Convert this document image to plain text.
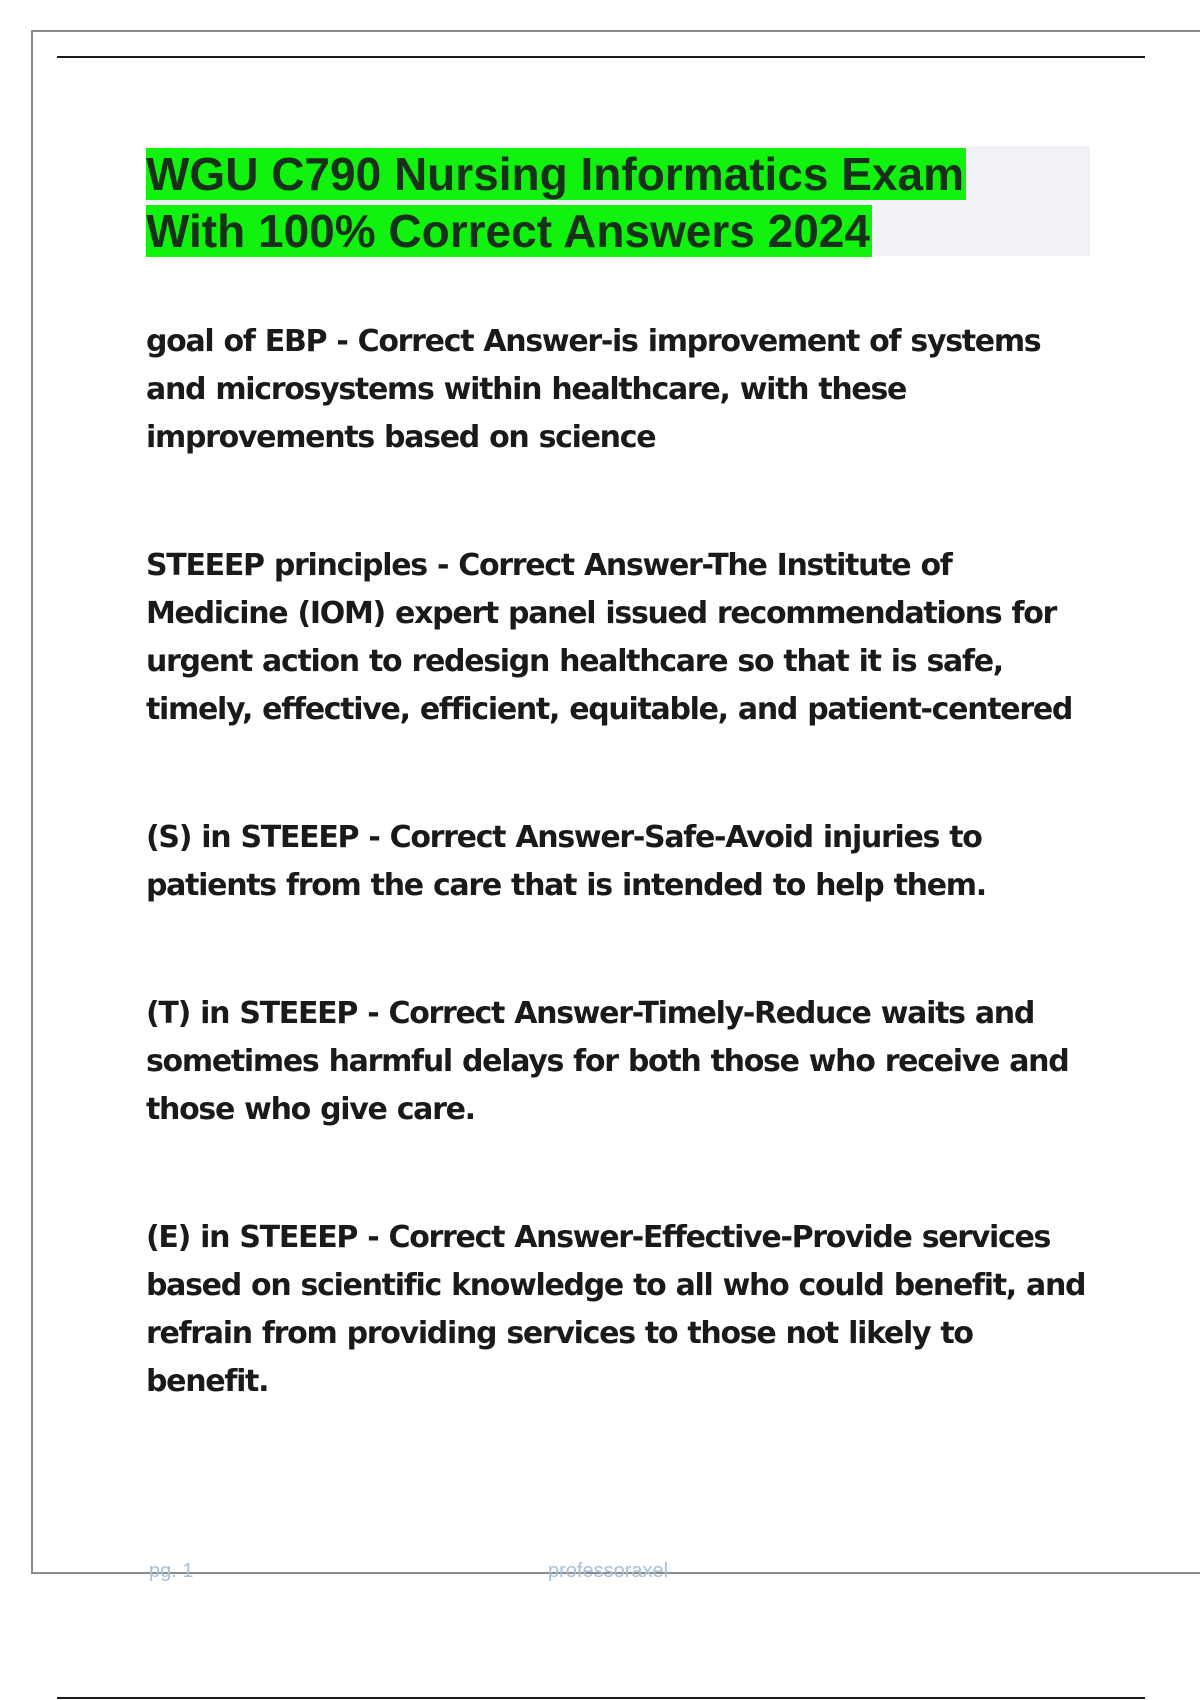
WGU C790 Nursing Informatics Exam
With 100% Correct Answers 2024

goal of EBP - Correct Answer-is improvement of systems and microsystems within healthcare, with these improvements based on science

STEEEP principles - Correct Answer-The Institute of Medicine (IOM) expert panel issued recommendations for urgent action to redesign healthcare so that it is safe, timely, effective, efficient, equitable, and patient-centered

(S) in STEEEP - Correct Answer-Safe-Avoid injuries to patients from the care that is intended to help them.

(T) in STEEEP - Correct Answer-Timely-Reduce waits and sometimes harmful delays for both those who receive and those who give care.

(E) in STEEEP - Correct Answer-Effective-Provide services based on scientific knowledge to all who could benefit, and refrain from providing services to those not likely to benefit.

pg. 1	professoraxel
